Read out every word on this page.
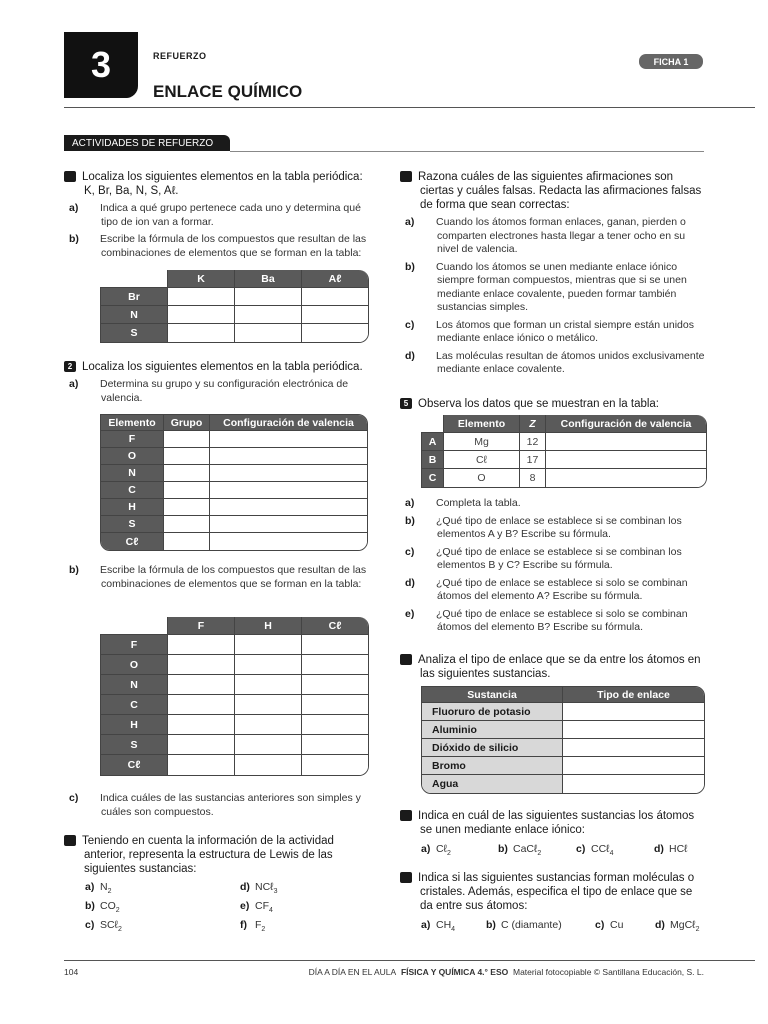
3	REFUERZO
ENLACE QUÍMICO
FICHA 1
ACTIVIDADES DE REFUERZO
1 Localiza los siguientes elementos en la tabla periódica: K, Br, Ba, N, S, Aℓ.
a) Indica a qué grupo pertenece cada uno y determina qué tipo de ion van a formar.
b) Escribe la fórmula de los compuestos que resultan de las combinaciones de elementos que se forman en la tabla:
	K	Ba	Aℓ
Br			
N			
S			
2 Localiza los siguientes elementos en la tabla periódica.
a) Determina su grupo y su configuración electrónica de valencia.
Elemento	Grupo	Configuración de valencia
F		
O		
N		
C		
H		
S		
Cℓ		
b) Escribe la fórmula de los compuestos que resultan de las combinaciones de elementos que se forman en la tabla:
	F	H	Cℓ
F			
O			
N			
C			
H			
S			
Cℓ			
c) Indica cuáles de las sustancias anteriores son simples y cuáles son compuestos.
3 Teniendo en cuenta la información de la actividad anterior, representa la estructura de Lewis de las siguientes sustancias:
a) $N_2$	d) NCℓ$_3$
b) $CO_2$	e) $CF_4$
c) SCℓ$_2$	f) $F_2$
4 Razona cuáles de las siguientes afirmaciones son ciertas y cuáles falsas. Redacta las afirmaciones falsas de forma que sean correctas:
a) Cuando los átomos forman enlaces, ganan, pierden o comparten electrones hasta llegar a tener ocho en su nivel de valencia.
b) Cuando los átomos se unen mediante enlace iónico siempre forman compuestos, mientras que si se unen mediante enlace covalente, pueden formar también sustancias simples.
c) Los átomos que forman un cristal siempre están unidos mediante enlace iónico o metálico.
d) Las moléculas resultan de átomos unidos exclusivamente mediante enlace covalente.
5 Observa los datos que se muestran en la tabla:
	Elemento	Z	Configuración de valencia
A	Mg	12	
B	Cℓ	17	
C	O	8	
a) Completa la tabla.
b) ¿Qué tipo de enlace se establece si se combinan los elementos A y B? Escribe su fórmula.
c) ¿Qué tipo de enlace se establece si se combinan los elementos B y C? Escribe su fórmula.
d) ¿Qué tipo de enlace se establece si solo se combinan átomos del elemento A? Escribe su fórmula.
e) ¿Qué tipo de enlace se establece si solo se combinan átomos del elemento B? Escribe su fórmula.
6 Analiza el tipo de enlace que se da entre los átomos en las siguientes sustancias.
Sustancia	Tipo de enlace
Fluoruro de potasio	
Aluminio	
Dióxido de silicio	
Bromo	
Agua	
7 Indica en cuál de las siguientes sustancias los átomos se unen mediante enlace iónico:
a) Cℓ$_2$	b) CaCℓ$_2$	c) CCℓ$_4$	d) HCℓ
8 Indica si las siguientes sustancias forman moléculas o cristales. Además, especifica el tipo de enlace que se da entre sus átomos:
a) $CH_4$	b) C (diamante)	c) Cu	d) MgCℓ$_2$
104	DÍA A DÍA EN EL AULA FÍSICA Y QUÍMICA 4.° ESO Material fotocopiable © Santillana Educación, S. L.
